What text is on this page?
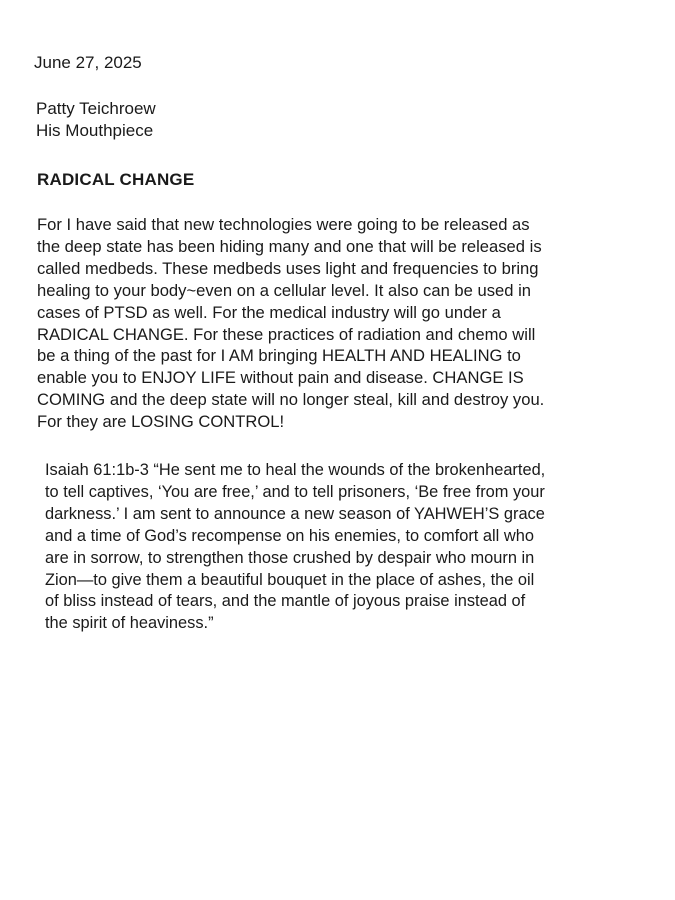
June 27, 2025
Patty Teichroew
His Mouthpiece
RADICAL CHANGE
For I have said that new technologies were going to be released as
the deep state has been hiding many and one that will be released is
called medbeds. These medbeds uses light and frequencies to bring
healing to your body~even on a cellular level. It also can be used in
cases of PTSD as well. For the medical industry will go under a
RADICAL CHANGE. For these practices of radiation and chemo will
be a thing of the past for I AM bringing HEALTH AND HEALING to
enable you to ENJOY LIFE without pain and disease. CHANGE IS
COMING and the deep state will no longer steal, kill and destroy you.
For they are LOSING CONTROL!
Isaiah 61:1b-3 “He sent me to heal the wounds of the brokenhearted,
to tell captives, ‘You are free,’ and to tell prisoners, ‘Be free from your
darkness.’ I am sent to announce a new season of YAHWEH’S grace
and a time of God’s recompense on his enemies, to comfort all who
are in sorrow, to strengthen those crushed by despair who mourn in
Zion—to give them a beautiful bouquet in the place of ashes, the oil
of bliss instead of tears, and the mantle of joyous praise instead of
the spirit of heaviness.”
